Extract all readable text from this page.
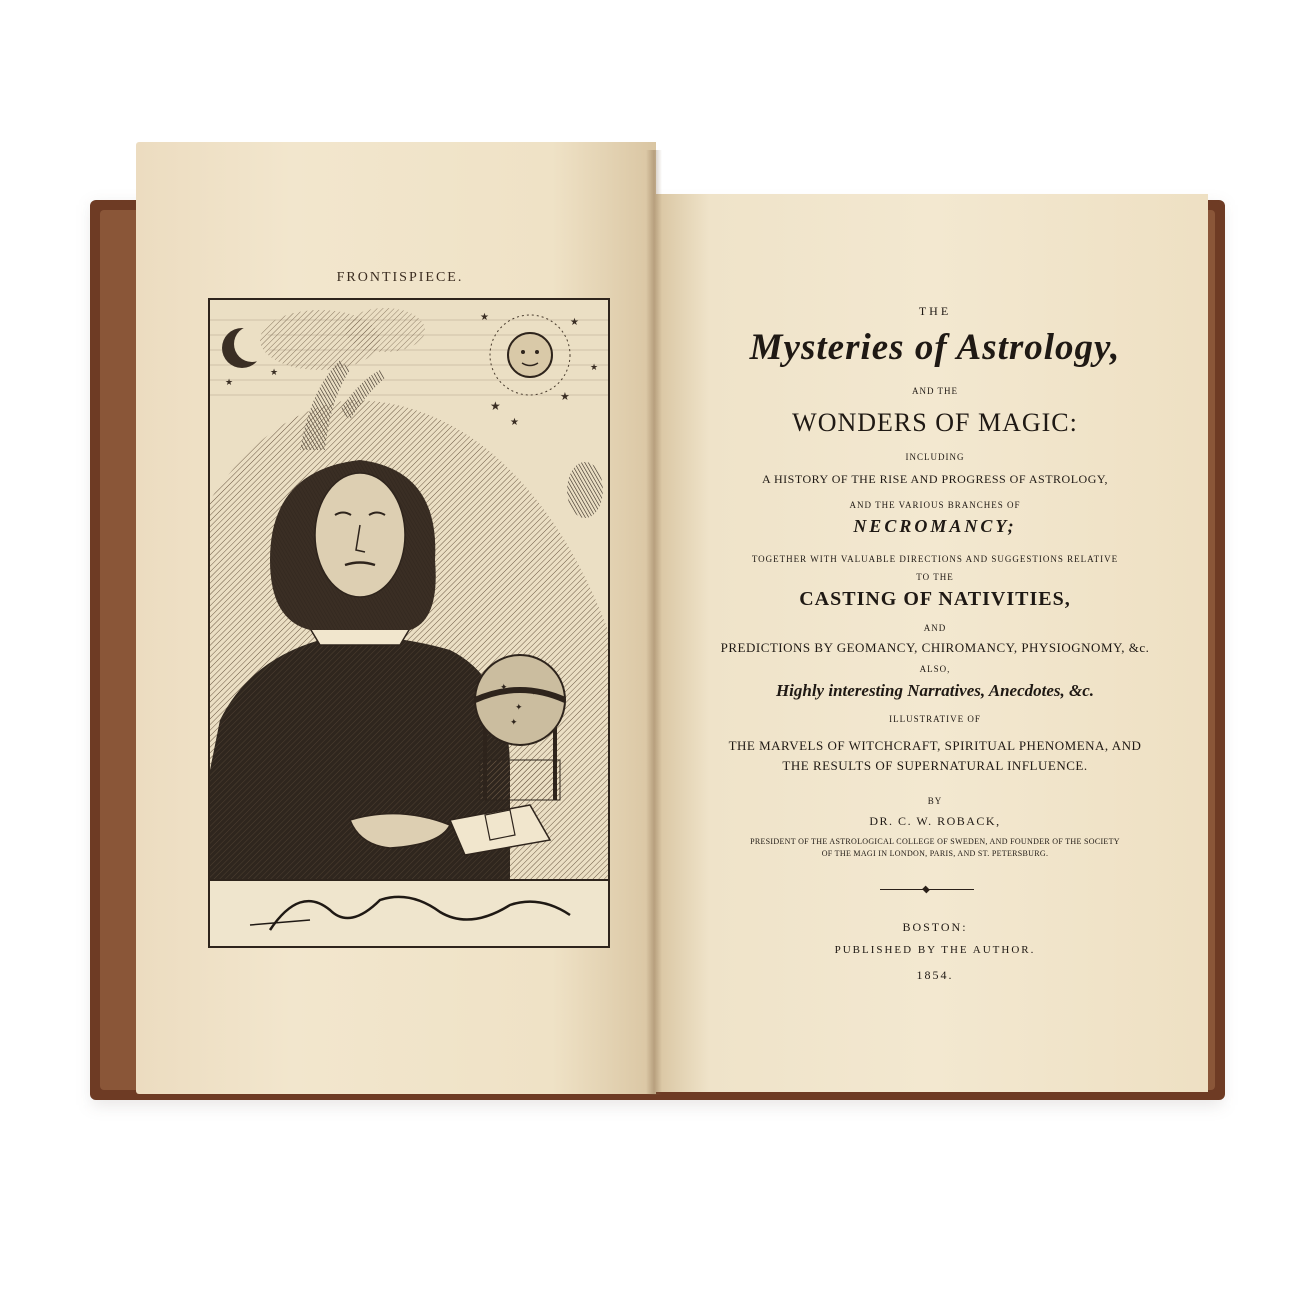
FRONTISPIECE.
★
★
★
★
★
★
★	★
✦
✦
✦
✦
THE
Mysteries of Astrology,
AND THE
WONDERS OF MAGIC:
INCLUDING
A HISTORY OF THE RISE AND PROGRESS OF ASTROLOGY,
AND THE VARIOUS BRANCHES OF
NECROMANCY;
TOGETHER WITH VALUABLE DIRECTIONS AND SUGGESTIONS RELATIVE
TO THE
CASTING OF NATIVITIES,
AND
PREDICTIONS BY GEOMANCY, CHIROMANCY, PHYSIOGNOMY, &c.
ALSO,
Highly interesting Narratives, Anecdotes, &c.
ILLUSTRATIVE OF
THE MARVELS OF WITCHCRAFT, SPIRITUAL PHENOMENA, AND
THE RESULTS OF SUPERNATURAL INFLUENCE.
BY
DR. C. W. ROBACK,
PRESIDENT OF THE ASTROLOGICAL COLLEGE OF SWEDEN, AND FOUNDER OF THE SOCIETY
OF THE MAGI IN LONDON, PARIS, AND ST. PETERSBURG.
BOSTON:
PUBLISHED BY THE AUTHOR.
1854.
